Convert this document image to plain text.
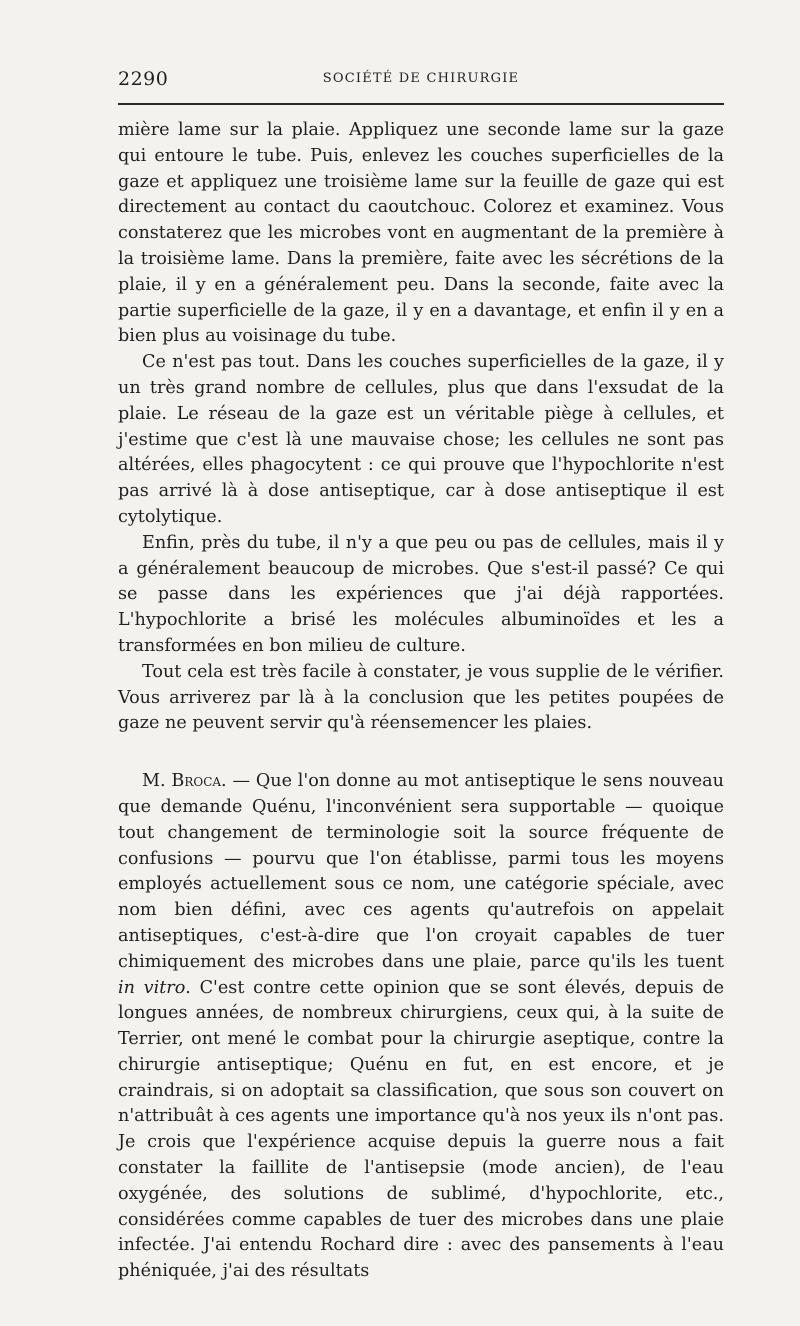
2290	SOCIÉTÉ DE CHIRURGIE

mière lame sur la plaie. Appliquez une seconde lame sur la gaze qui entoure le tube. Puis, enlevez les couches superficielles de la gaze et appliquez une troisième lame sur la feuille de gaze qui est directement au contact du caoutchouc. Colorez et examinez. Vous constaterez que les microbes vont en augmentant de la première à la troisième lame. Dans la première, faite avec les sécrétions de la plaie, il y en a généralement peu. Dans la seconde, faite avec la partie superficielle de la gaze, il y en a davantage, et enfin il y en a bien plus au voisinage du tube.

Ce n'est pas tout. Dans les couches superficielles de la gaze, il y un très grand nombre de cellules, plus que dans l'exsudat de la plaie. Le réseau de la gaze est un véritable piège à cellules, et j'estime que c'est là une mauvaise chose; les cellules ne sont pas altérées, elles phagocytent : ce qui prouve que l'hypochlorite n'est pas arrivé là à dose antiseptique, car à dose antiseptique il est cytolytique.

Enfin, près du tube, il n'y a que peu ou pas de cellules, mais il y a généralement beaucoup de microbes. Que s'est-il passé? Ce qui se passe dans les expériences que j'ai déjà rapportées. L'hypochlorite a brisé les molécules albuminoïdes et les a transformées en bon milieu de culture.

Tout cela est très facile à constater, je vous supplie de le vérifier. Vous arriverez par là à la conclusion que les petites poupées de gaze ne peuvent servir qu'à réensemencer les plaies.

M. Broca. — Que l'on donne au mot antiseptique le sens nouveau que demande Quénu, l'inconvénient sera supportable — quoique tout changement de terminologie soit la source fréquente de confusions — pourvu que l'on établisse, parmi tous les moyens employés actuellement sous ce nom, une catégorie spéciale, avec nom bien défini, avec ces agents qu'autrefois on appelait antiseptiques, c'est-à-dire que l'on croyait capables de tuer chimiquement des microbes dans une plaie, parce qu'ils les tuent in vitro. C'est contre cette opinion que se sont élevés, depuis de longues années, de nombreux chirurgiens, ceux qui, à la suite de Terrier, ont mené le combat pour la chirurgie aseptique, contre la chirurgie antiseptique; Quénu en fut, en est encore, et je craindrais, si on adoptait sa classification, que sous son couvert on n'attribuât à ces agents une importance qu'à nos yeux ils n'ont pas. Je crois que l'expérience acquise depuis la guerre nous a fait constater la faillite de l'antisepsie (mode ancien), de l'eau oxygénée, des solutions de sublimé, d'hypochlorite, etc., considérées comme capables de tuer des microbes dans une plaie infectée. J'ai entendu Rochard dire : avec des pansements à l'eau phéniquée, j'ai des résultats
